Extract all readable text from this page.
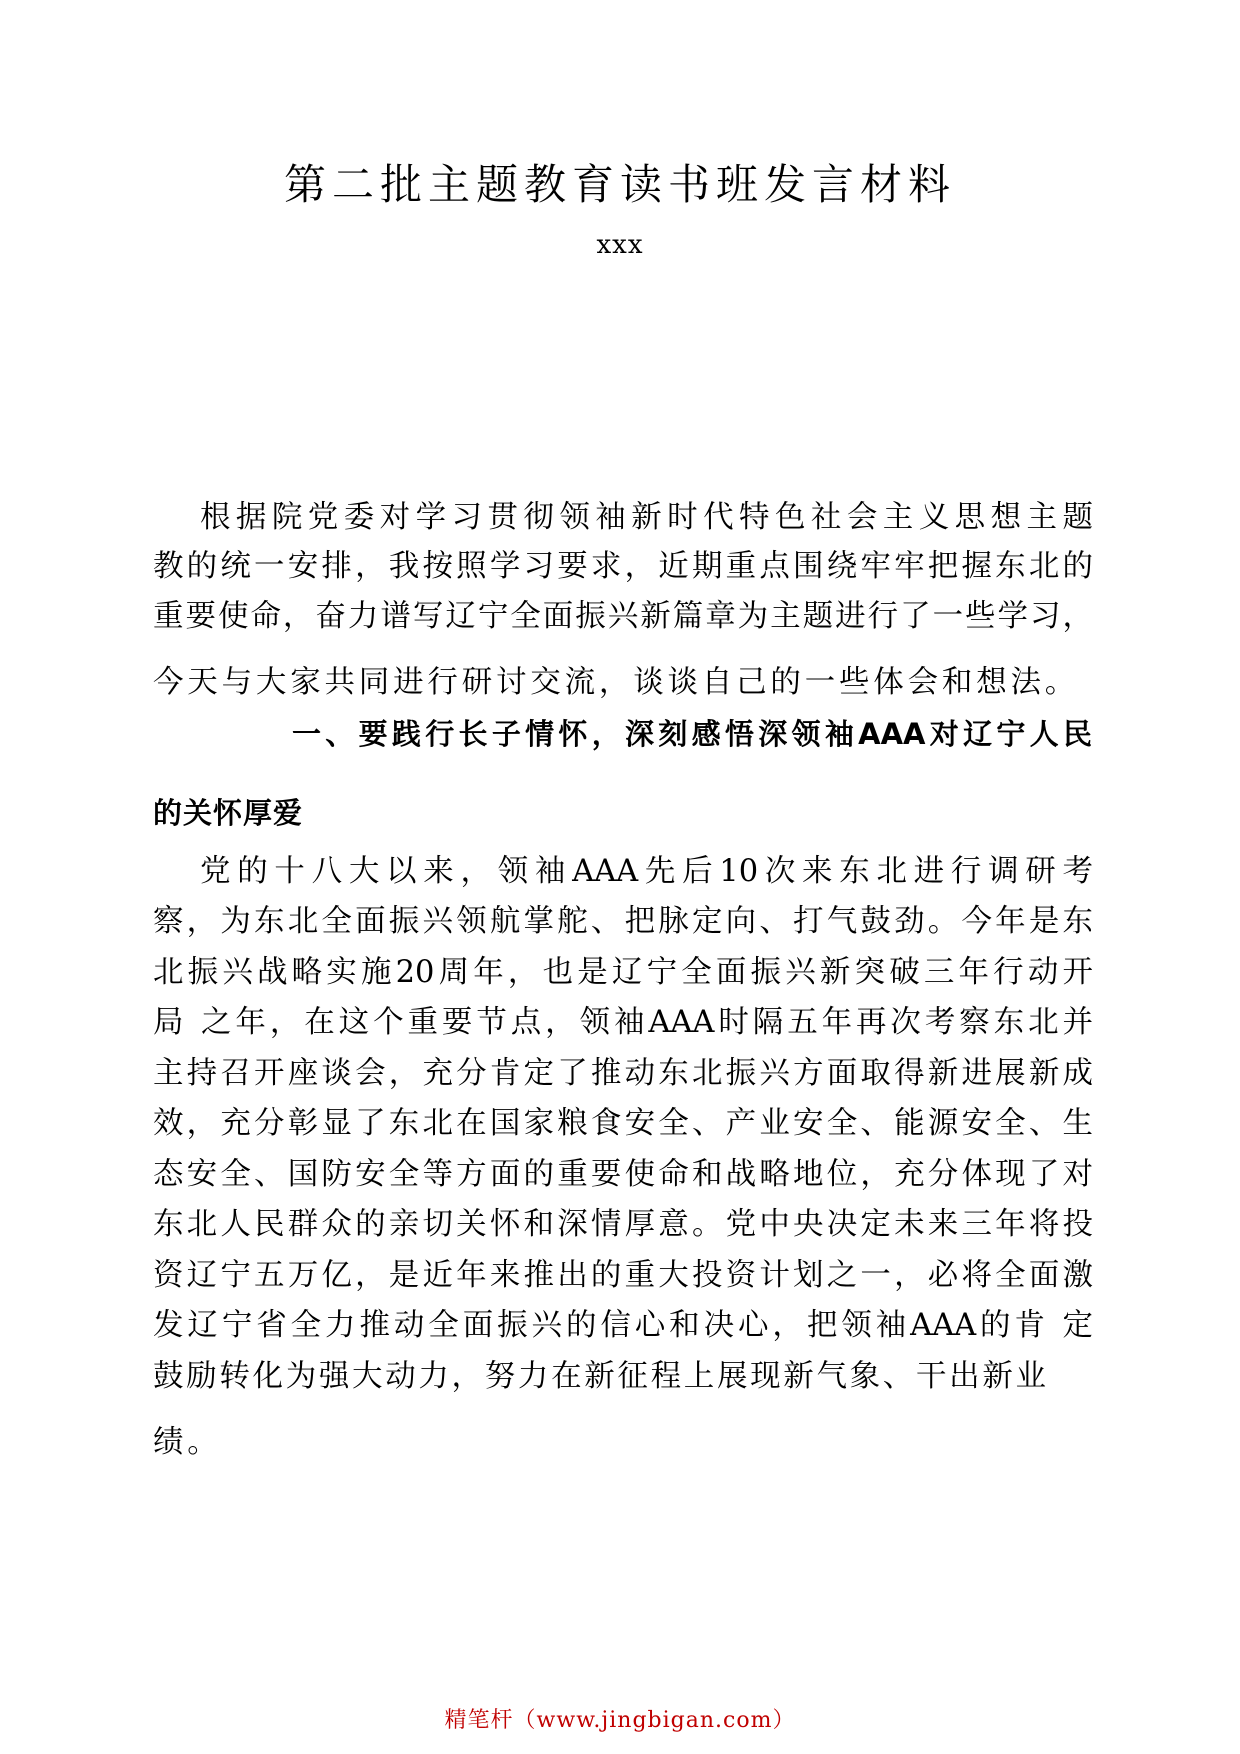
第二批主题教育读书班发言材料
xxx
根据院党委对学习贯彻领袖新时代特色社会主义思想主题
教的统一安排，我按照学习要求，近期重点围绕牢牢把握东北的
重要使命，奋力谱写辽宁全面振兴新篇章为主题进行了一些学习，
今天与大家共同进行研讨交流，谈谈自己的一些体会和想法。
一、要践行长子情怀，深刻感悟深领袖AAA对辽宁人民
的关怀厚爱
党的十八大以来，领袖AAA先后10次来东北进行调研考
察，为东北全面振兴领航掌舵、把脉定向、打气鼓劲。今年是东
北振兴战略实施20周年，也是辽宁全面振兴新突破三年行动开
局 之年，在这个重要节点，领袖AAA时隔五年再次考察东北并
主持召开座谈会，充分肯定了推动东北振兴方面取得新进展新成
效，充分彰显了东北在国家粮食安全、产业安全、能源安全、生
态安全、国防安全等方面的重要使命和战略地位，充分体现了对
东北人民群众的亲切关怀和深情厚意。党中央决定未来三年将投
资辽宁五万亿，是近年来推出的重大投资计划之一，必将全面激
发辽宁省全力推动全面振兴的信心和决心，把领袖AAA的肯 定
鼓励转化为强大动力，努力在新征程上展现新气象、干出新业
绩。
精笔杆（www.jingbigan.com）
